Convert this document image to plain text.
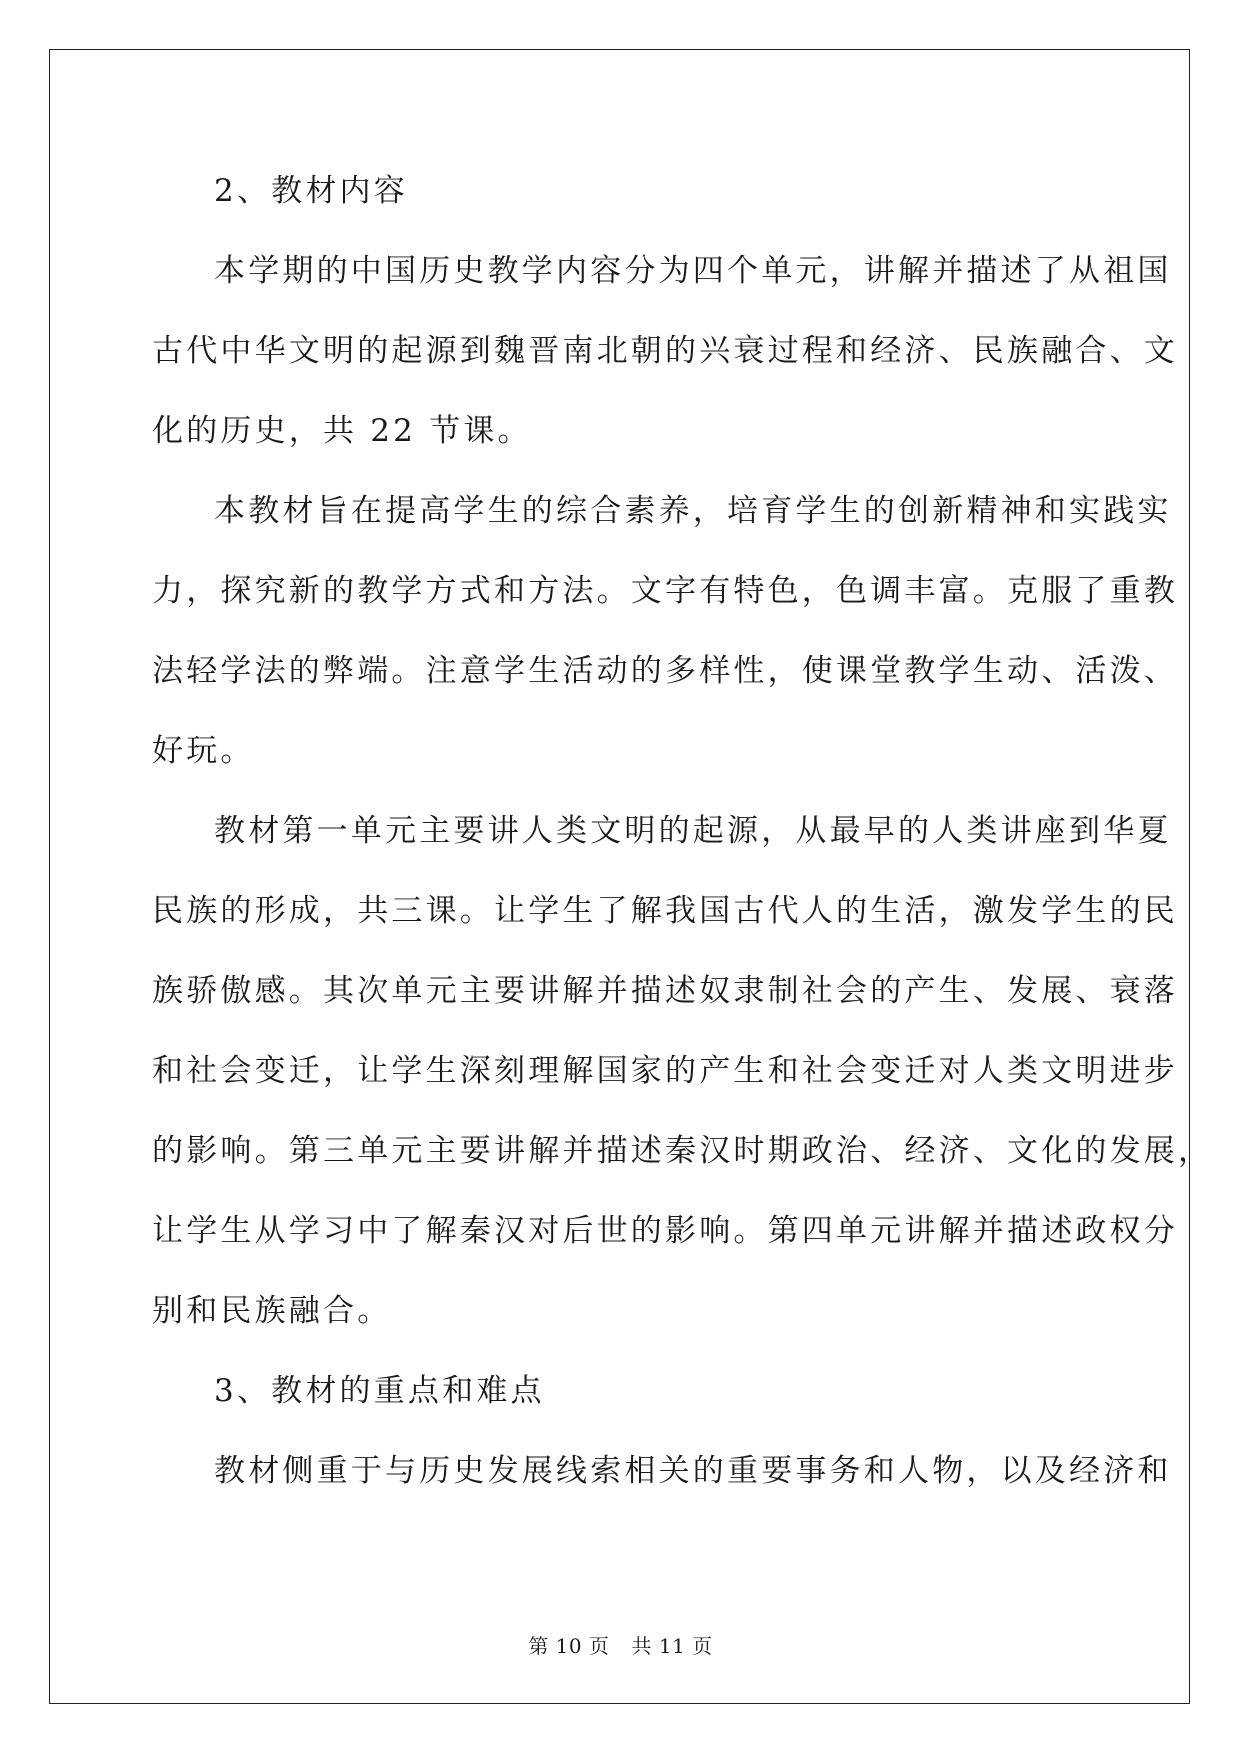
2、教材内容
本学期的中国历史教学内容分为四个单元，讲解并描述了从祖国
古代中华文明的起源到魏晋南北朝的兴衰过程和经济、民族融合、文
化的历史，共 22 节课。
本教材旨在提高学生的综合素养，培育学生的创新精神和实践实
力，探究新的教学方式和方法。文字有特色，色调丰富。克服了重教
法轻学法的弊端。注意学生活动的多样性，使课堂教学生动、活泼、
好玩。
教材第一单元主要讲人类文明的起源，从最早的人类讲座到华夏
民族的形成，共三课。让学生了解我国古代人的生活，激发学生的民
族骄傲感。其次单元主要讲解并描述奴隶制社会的产生、发展、衰落
和社会变迁，让学生深刻理解国家的产生和社会变迁对人类文明进步
的影响。第三单元主要讲解并描述秦汉时期政治、经济、文化的发展，
让学生从学习中了解秦汉对后世的影响。第四单元讲解并描述政权分
别和民族融合。
3、教材的重点和难点
教材侧重于与历史发展线索相关的重要事务和人物，以及经济和
第 10 页 共 11 页
